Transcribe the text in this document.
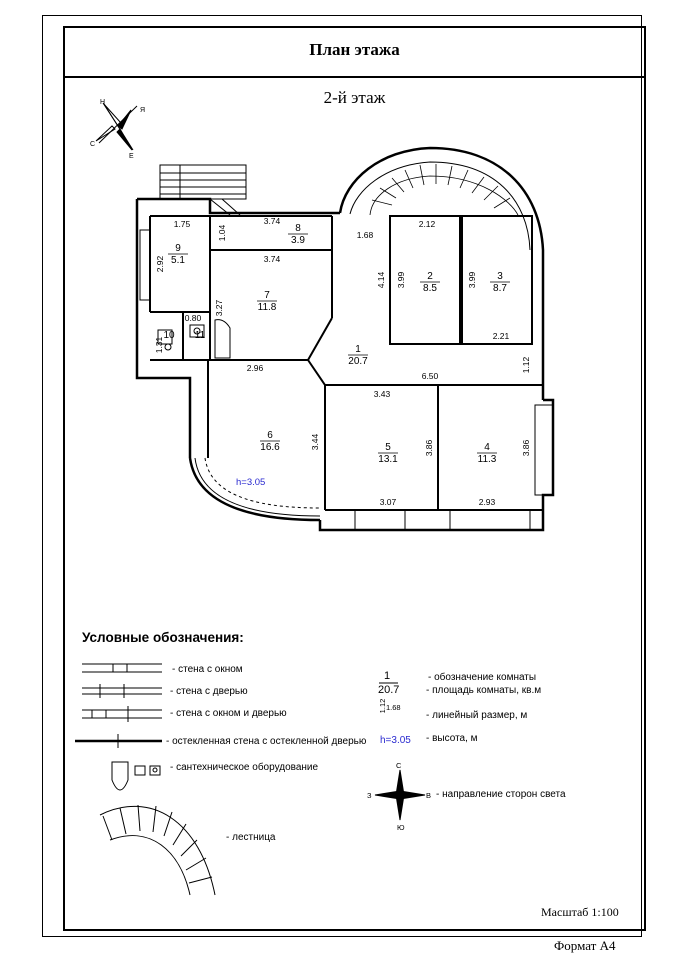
План этажа
2-й этаж
Н
Я
С
Е
1
20.7
2
8.5
3
8.7
4
11.3
5
13.1
6
16.6
7
11.8
8
3.9
9
5.1
10 11
1.75
1.04
3.74
3.74
1.68
2.12
4.14 3.99	3.99
2.92
3.27
0.80
1.31
2.21
1.12
2.96
6.50
3.43
3.44	3.86	3.86
3.07	2.93
h=3.05
1.12 1.68
С
Ю
З	В
Условные обозначения:
- стена с окном
- стена с дверью
- стена с окном и дверью
- остекленная стена с остекленной дверью
- сантехническое оборудование
- лестница
1
20.7
- обозначение комнаты
- площадь комнаты, кв.м
- линейный размер, м
h=3.05 - высота, м
- направление сторон света
Масштаб 1:100
Формат А4
